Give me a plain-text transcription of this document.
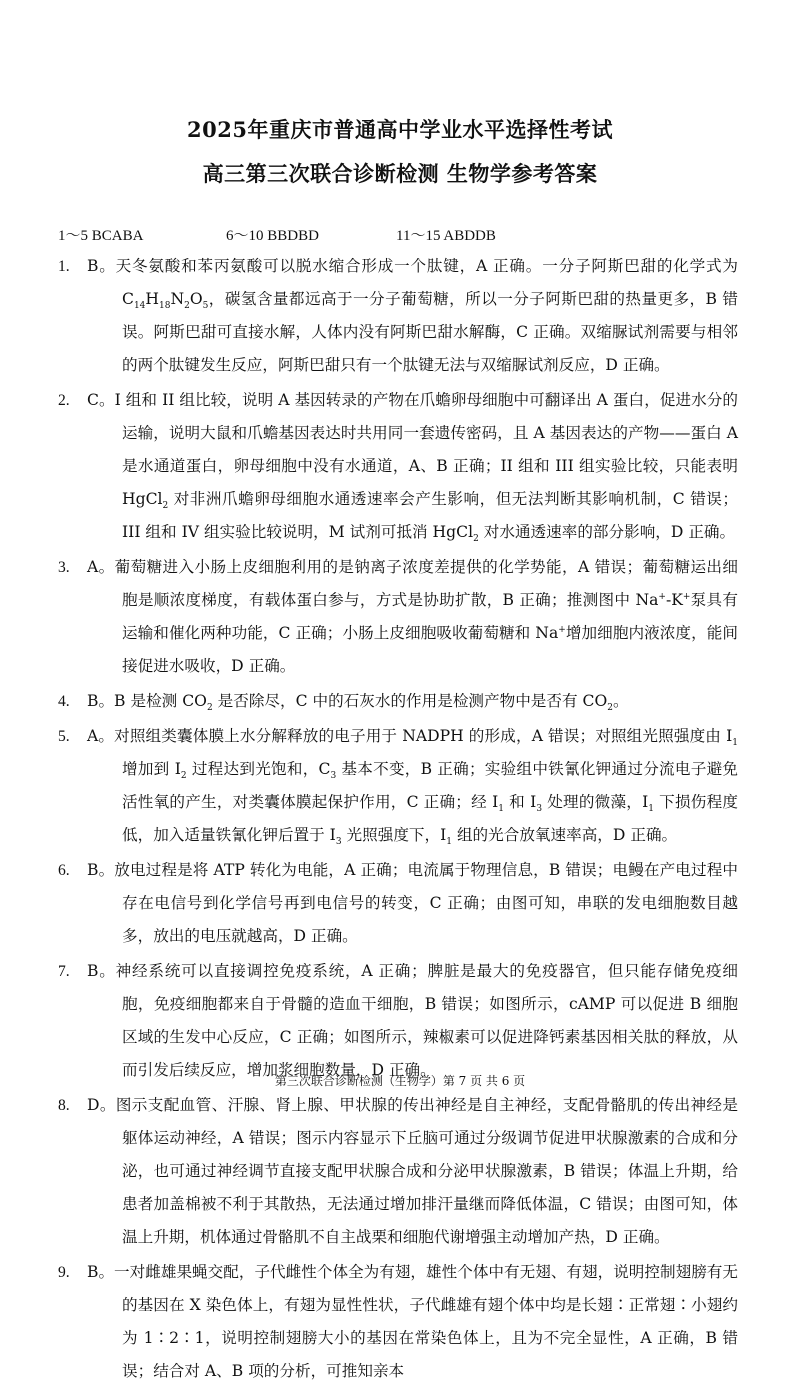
2025年重庆市普通高中学业水平选择性考试
高三第三次联合诊断检测 生物学参考答案
1～5 BCABA	6～10 BBDBD	11～15 ABDDB
1. B。天冬氨酸和苯丙氨酸可以脱水缩合形成一个肽键，A 正确。一分子阿斯巴甜的化学式为 $C_{14}H_{18}N_2O_5$，碳氢含量都远高于一分子葡萄糖，所以一分子阿斯巴甜的热量更多，B 错误。阿斯巴甜可直接水解，人体内没有阿斯巴甜水解酶，C 正确。双缩脲试剂需要与相邻的两个肽键发生反应，阿斯巴甜只有一个肽键无法与双缩脲试剂反应，D 正确。
2. C。I 组和 II 组比较，说明 A 基因转录的产物在爪蟾卵母细胞中可翻译出 A 蛋白，促进水分的运输，说明大鼠和爪蟾基因表达时共用同一套遗传密码，且 A 基因表达的产物——蛋白 A 是水通道蛋白，卵母细胞中没有水通道，A、B 正确；II 组和 III 组实验比较，只能表明 HgCl$_2$ 对非洲爪蟾卵母细胞水通透速率会产生影响，但无法判断其影响机制，C 错误；III 组和 IV 组实验比较说明，M 试剂可抵消 HgCl$_2$ 对水通透速率的部分影响，D 正确。
3. A。葡萄糖进入小肠上皮细胞利用的是钠离子浓度差提供的化学势能，A 错误；葡萄糖运出细胞是顺浓度梯度，有载体蛋白参与，方式是协助扩散，B 正确；推测图中 Na+-K+泵具有运输和催化两种功能，C 正确；小肠上皮细胞吸收葡萄糖和 Na+增加细胞内液浓度，能间接促进水吸收，D 正确。
4. B。B 是检测 $CO_2$ 是否除尽，C 中的石灰水的作用是检测产物中是否有 $CO_2$。
5. A。对照组类囊体膜上水分解释放的电子用于 NADPH 的形成，A 错误；对照组光照强度由 $I_1$ 增加到 $I_2$ 过程达到光饱和，$C_3$ 基本不变，B 正确；实验组中铁氰化钾通过分流电子避免活性氧的产生，对类囊体膜起保护作用，C 正确；经 $I_1$ 和 $I_3$ 处理的微藻，$I_1$ 下损伤程度低，加入适量铁氰化钾后置于 $I_3$ 光照强度下，$I_1$ 组的光合放氧速率高，D 正确。
6. B。放电过程是将 ATP 转化为电能，A 正确；电流属于物理信息，B 错误；电鳗在产电过程中存在电信号到化学信号再到电信号的转变，C 正确；由图可知，串联的发电细胞数目越多，放出的电压就越高，D 正确。
7. B。神经系统可以直接调控免疫系统，A 正确；脾脏是最大的免疫器官，但只能存储免疫细胞，免疫细胞都来自于骨髓的造血干细胞，B 错误；如图所示，cAMP 可以促进 B 细胞区域的生发中心反应，C 正确；如图所示，辣椒素可以促进降钙素基因相关肽的释放，从而引发后续反应，增加浆细胞数量，D 正确。
8. D。图示支配血管、汗腺、肾上腺、甲状腺的传出神经是自主神经，支配骨骼肌的传出神经是躯体运动神经，A 错误；图示内容显示下丘脑可通过分级调节促进甲状腺激素的合成和分泌，也可通过神经调节直接支配甲状腺合成和分泌甲状腺激素，B 错误；体温上升期，给患者加盖棉被不利于其散热，无法通过增加排汗量继而降低体温，C 错误；由图可知，体温上升期，机体通过骨骼肌不自主战栗和细胞代谢增强主动增加产热，D 正确。
9. B。一对雌雄果蝇交配，子代雌性个体全为有翅，雄性个体中有无翅、有翅，说明控制翅膀有无的基因在 X 染色体上，有翅为显性性状，子代雌雄有翅个体中均是长翅∶正常翅∶小翅约为 1∶2∶1，说明控制翅膀大小的基因在常染色体上，且为不完全显性，A 正确，B 错误；结合对 A、B 项的分析，可推知亲本
第三次联合诊断检测（生物学）第 7 页 共 6 页
